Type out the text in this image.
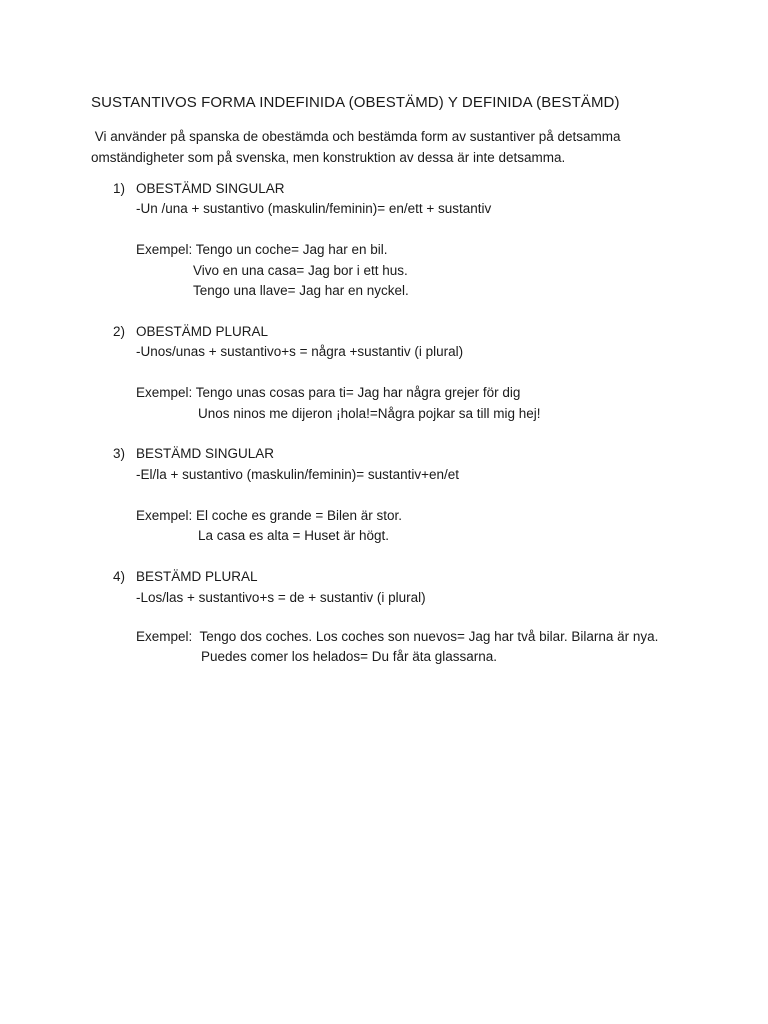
SUSTANTIVOS FORMA INDEFINIDA (OBESTÄMD) Y DEFINIDA (BESTÄMD)
Vi använder på spanska de obestämda och bestämda form av sustantiver på detsamma
omständigheter som på svenska, men konstruktion av dessa är inte detsamma.
1) OBESTÄMD SINGULAR
-Un /una + sustantivo (maskulin/feminin)= en/ett + sustantiv
Exempel: Tengo un coche= Jag har en bil.
Vivo en una casa= Jag bor i ett hus.
Tengo una llave= Jag har en nyckel.
2) OBESTÄMD PLURAL
-Unos/unas + sustantivo+s = några +sustantiv (i plural)
Exempel: Tengo unas cosas para ti= Jag har några grejer för dig
Unos ninos me dijeron ¡hola!=Några pojkar sa till mig hej!
3) BESTÄMD SINGULAR
-El/la + sustantivo (maskulin/feminin)= sustantiv+en/et
Exempel: El coche es grande = Bilen är stor.
La casa es alta = Huset är högt.
4) BESTÄMD PLURAL
-Los/las + sustantivo+s = de + sustantiv (i plural)
Exempel:  Tengo dos coches. Los coches son nuevos= Jag har två bilar. Bilarna är nya.
Puedes comer los helados= Du får äta glassarna.
